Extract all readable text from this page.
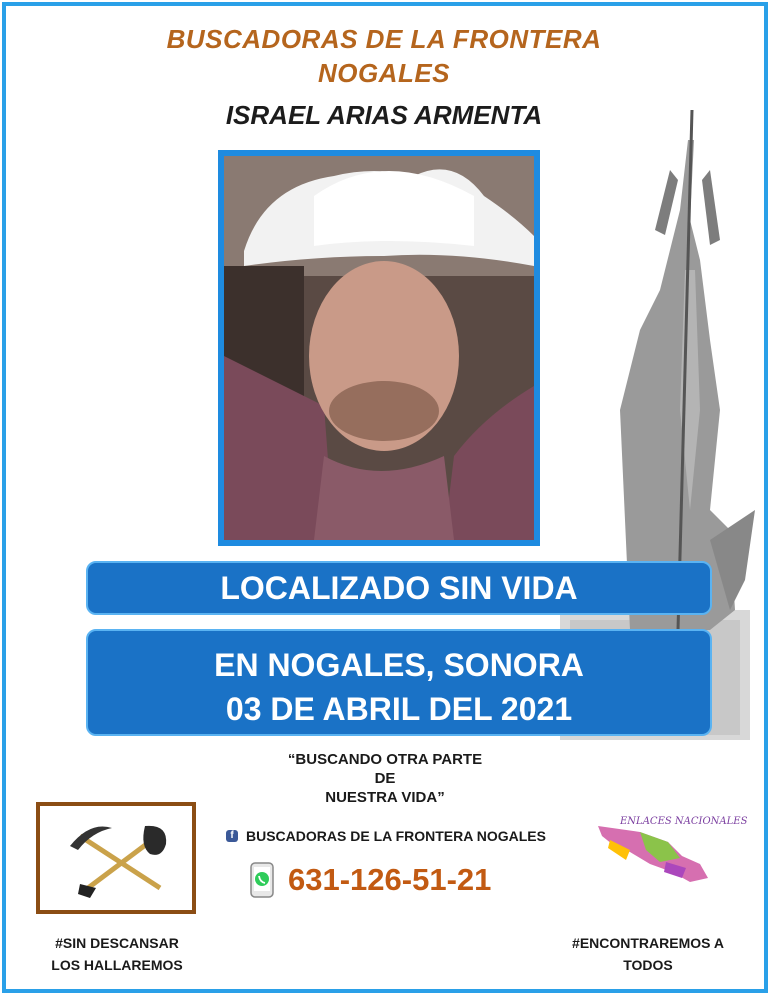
BUSCADORAS DE LA FRONTERA
NOGALES
ISRAEL ARIAS ARMENTA
LOCALIZADO SIN VIDA
EN NOGALES, SONORA
03 DE ABRIL DEL 2021
“BUSCANDO OTRA PARTE
DE
NUESTRA VIDA”
f BUSCADORAS DE LA FRONTERA NOGALES
631-126-51-21
ENLACES NACIONALES
#SIN DESCANSAR
LOS HALLAREMOS
#ENCONTRAREMOS A
TODOS
